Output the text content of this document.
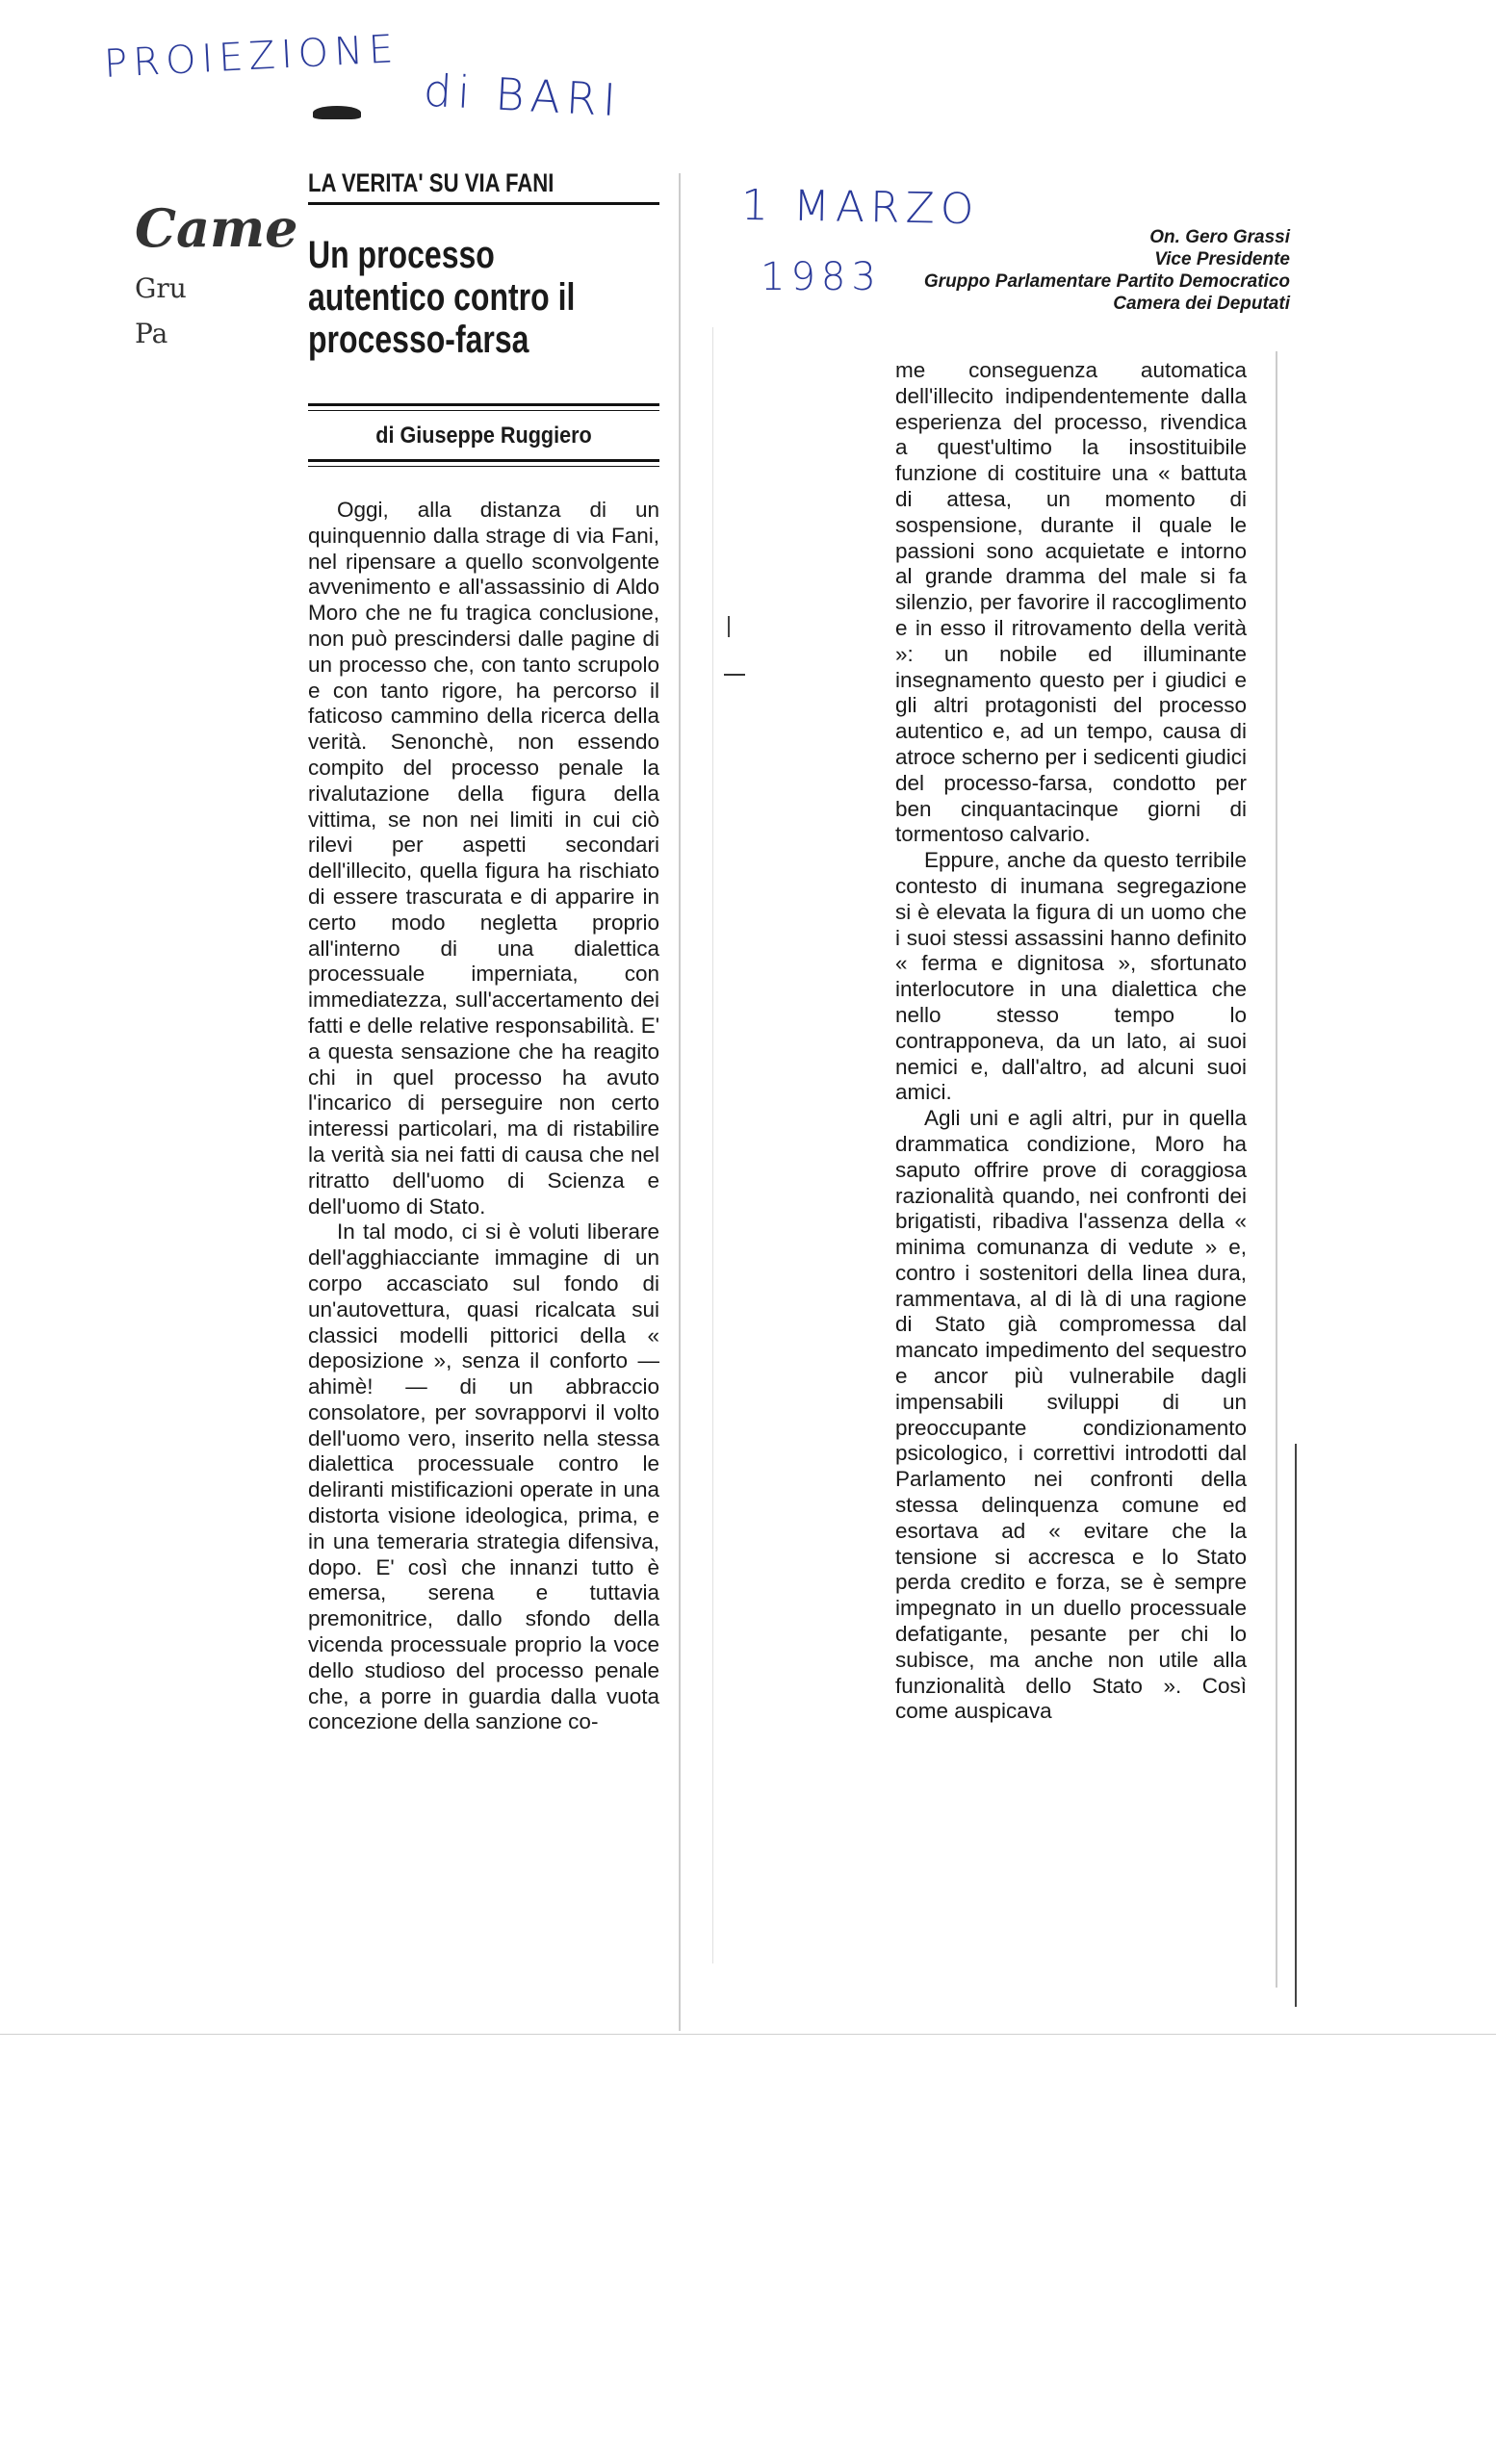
PROIEZIONE
di BARI
1 MARZO
1983
Came
Gru
Pa
LA VERITA' SU VIA FANI
Un processo autentico contro il processo-farsa
di Giuseppe Ruggiero

Oggi, alla distanza di un quinquennio dalla strage di via Fani, nel ripensare a quello sconvolgente avvenimento e all'assassinio di Aldo Moro che ne fu tragica conclusione, non può prescindersi dalle pagine di un processo che, con tanto scrupolo e con tanto rigore, ha percorso il faticoso cammino della ricerca della verità. Senonchè, non essendo compito del processo penale la rivalutazione della figura della vittima, se non nei limiti in cui ciò rilevi per aspetti secondari dell'illecito, quella figura ha rischiato di essere trascurata e di apparire in certo modo negletta proprio all'interno di una dialettica processuale imperniata, con immediatezza, sull'accertamento dei fatti e delle relative responsabilità. E' a questa sensazione che ha reagito chi in quel processo ha avuto l'incarico di perseguire non certo interessi particolari, ma di ristabilire la verità sia nei fatti di causa che nel ritratto dell'uomo di Scienza e dell'uomo di Stato.

In tal modo, ci si è voluti liberare dell'agghiacciante immagine di un corpo accasciato sul fondo di un'autovettura, quasi ricalcata sui classici modelli pittorici della « deposizione », senza il conforto — ahimè! — di un abbraccio consolatore, per sovrapporvi il volto dell'uomo vero, inserito nella stessa dialettica processuale contro le deliranti mistificazioni operate in una distorta visione ideologica, prima, e in una temeraria strategia difensiva, dopo. E' così che innanzi tutto è emersa, serena e tuttavia premonitrice, dallo sfondo della vicenda processuale proprio la voce dello studioso del processo penale che, a porre in guardia dalla vuota concezione della sanzione co-

On. Gero Grassi
Vice Presidente
Gruppo Parlamentare Partito Democratico
Camera dei Deputati

me conseguenza automatica dell'illecito indipendentemente dalla esperienza del processo, rivendica a quest'ultimo la insostituibile funzione di costituire una « battuta di attesa, un momento di sospensione, durante il quale le passioni sono acquietate e intorno al grande dramma del male si fa silenzio, per favorire il raccoglimento e in esso il ritrovamento della verità »: un nobile ed illuminante insegnamento questo per i giudici e gli altri protagonisti del processo autentico e, ad un tempo, causa di atroce scherno per i sedicenti giudici del processo-farsa, condotto per ben cinquantacinque giorni di tormentoso calvario.

Eppure, anche da questo terribile contesto di inumana segregazione si è elevata la figura di un uomo che i suoi stessi assassini hanno definito « ferma e dignitosa », sfortunato interlocutore in una dialettica che nello stesso tempo lo contrapponeva, da un lato, ai suoi nemici e, dall'altro, ad alcuni suoi amici.

Agli uni e agli altri, pur in quella drammatica condizione, Moro ha saputo offrire prove di coraggiosa razionalità quando, nei confronti dei brigatisti, ribadiva l'assenza della « minima comunanza di vedute » e, contro i sostenitori della linea dura, rammentava, al di là di una ragione di Stato già compromessa dal mancato impedimento del sequestro e ancor più vulnerabile dagli impensabili sviluppi di un preoccupante condizionamento psicologico, i correttivi introdotti dal Parlamento nei confronti della stessa delinquenza comune ed esortava ad « evitare che la tensione si accresca e lo Stato perda credito e forza, se è sempre impegnato in un duello processuale defatigante, pesante per chi lo subisce, ma anche non utile alla funzionalità dello Stato ». Così come auspicava
